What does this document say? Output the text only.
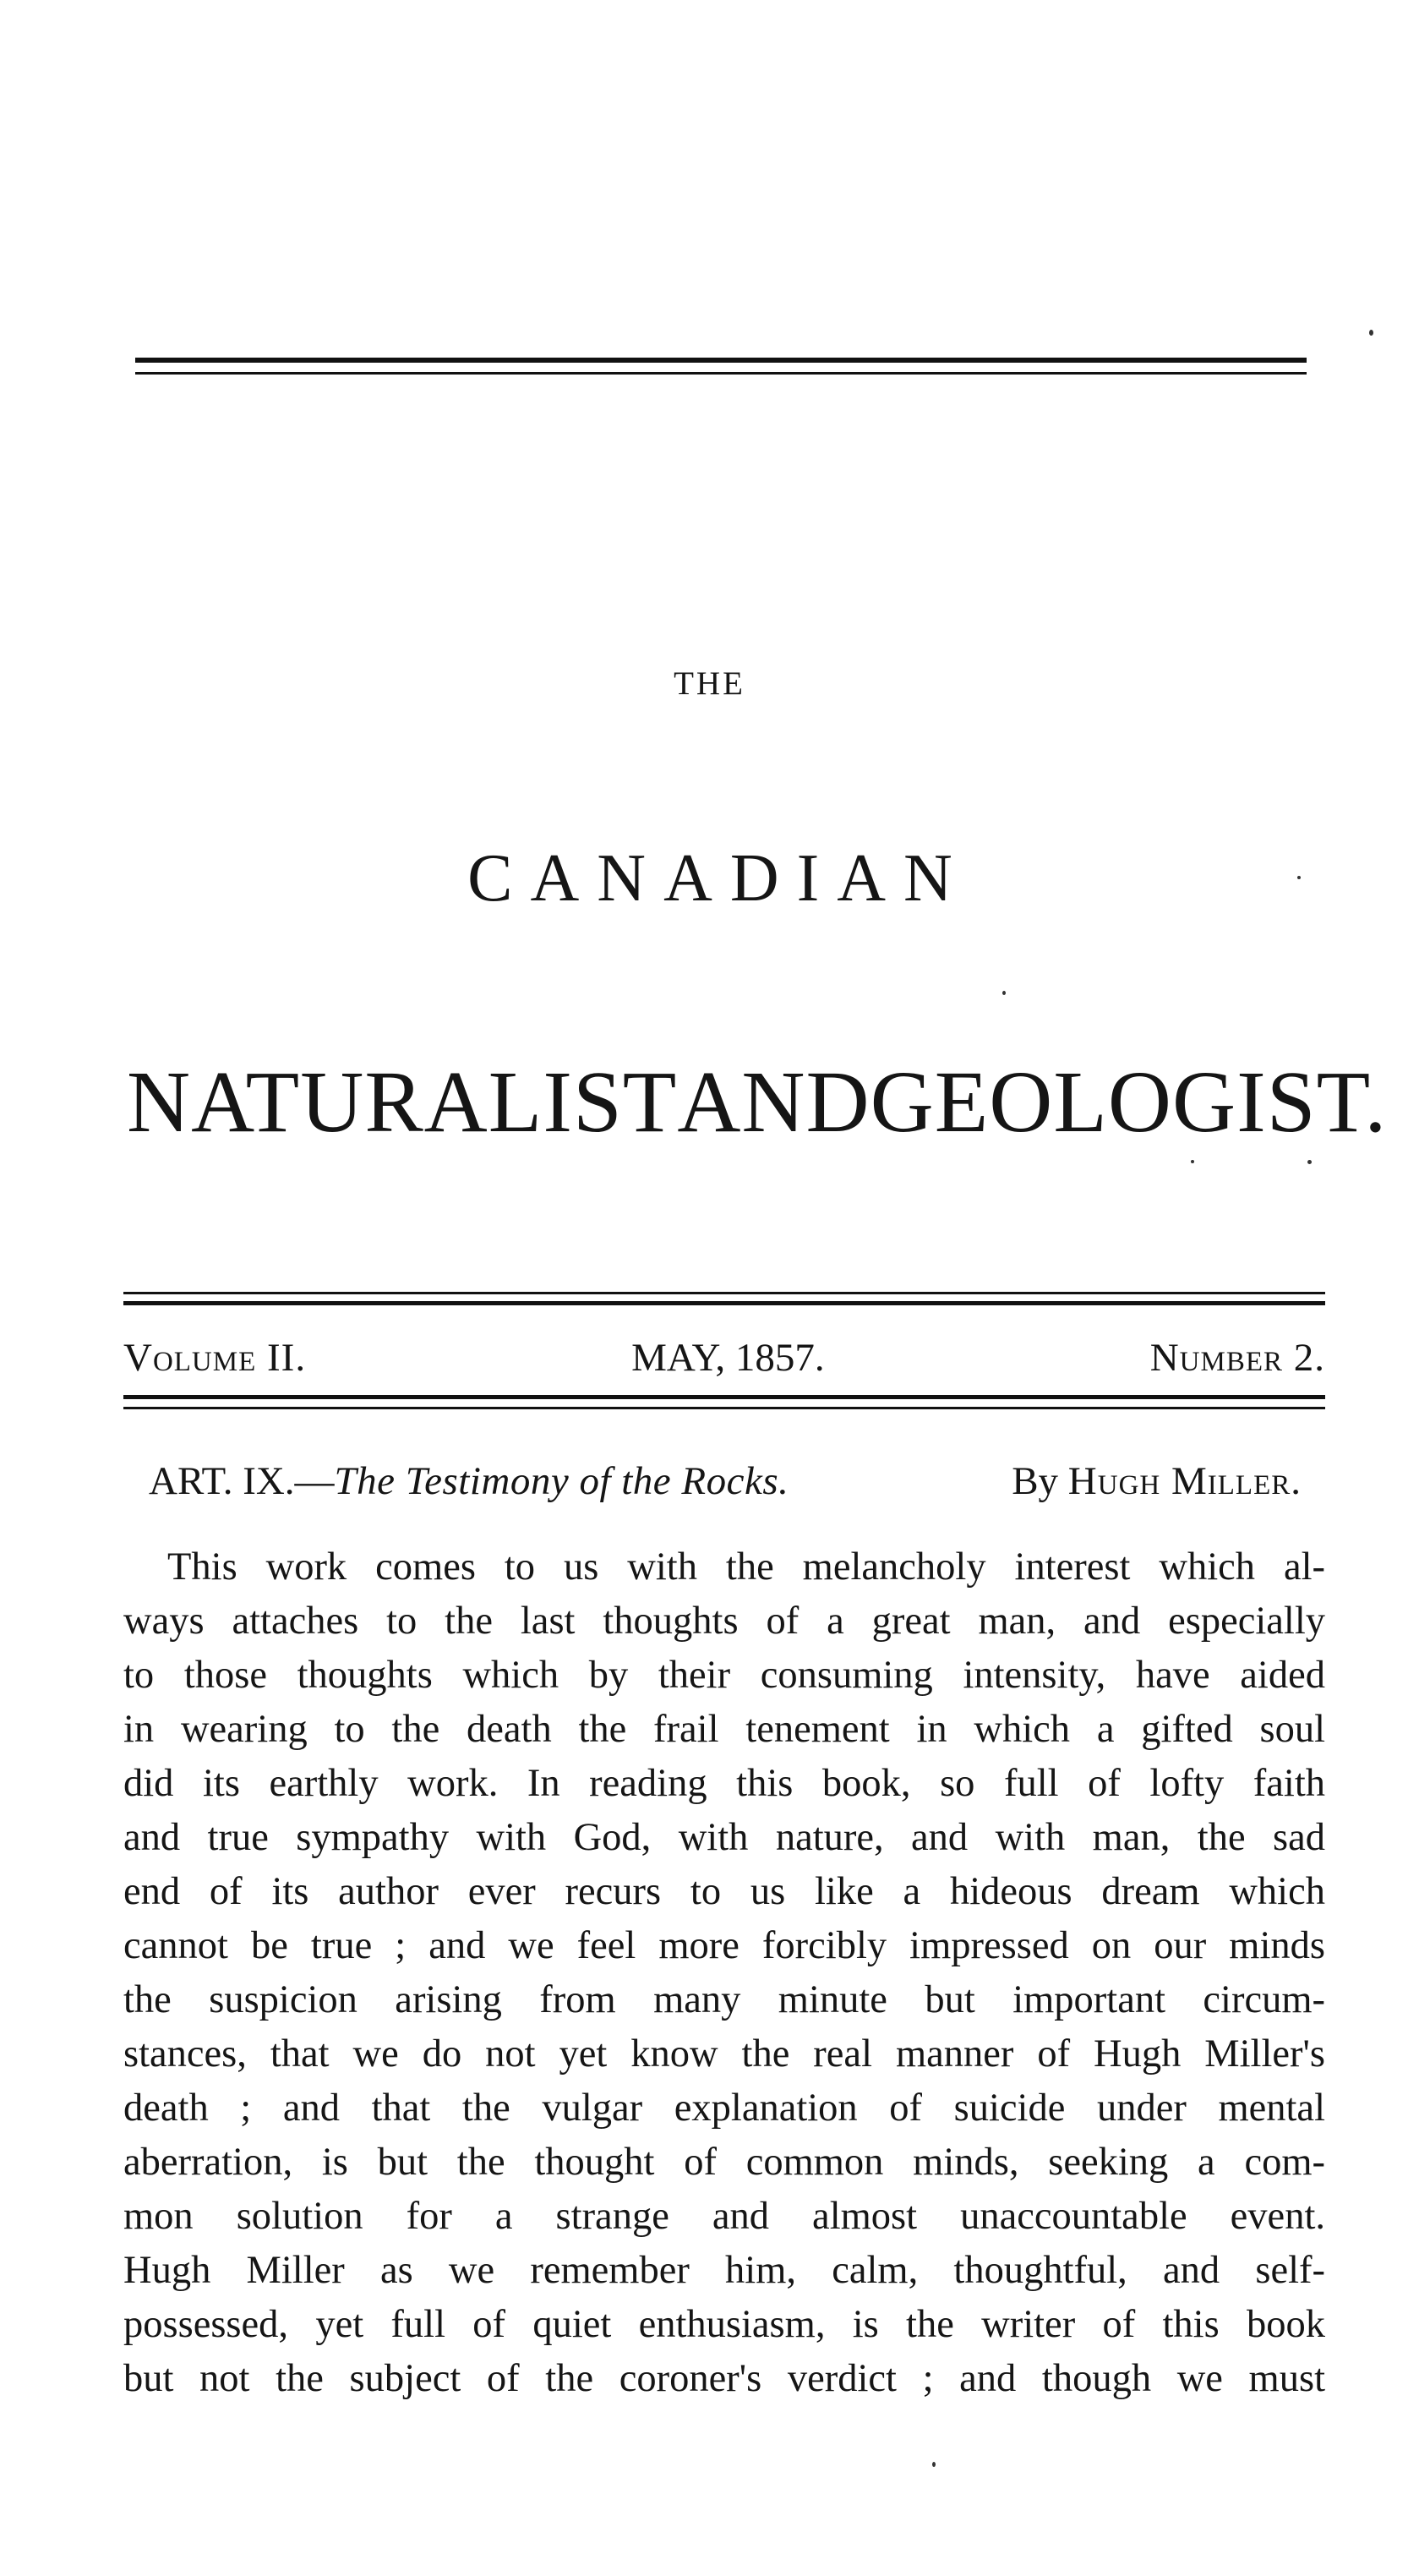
THE
CANADIAN
NATURALIST AND GEOLOGIST.
Volume II.	MAY, 1857.	Number 2.
ART. IX.—The Testimony of the Rocks.	By Hugh Miller.
This work comes to us with the melancholy interest which al-
ways attaches to the last thoughts of a great man, and especially
to those thoughts which by their consuming intensity, have aided
in wearing to the death the frail tenement in which a gifted soul
did its earthly work. In reading this book, so full of lofty faith
and true sympathy with God, with nature, and with man, the sad
end of its author ever recurs to us like a hideous dream which
cannot be true ; and we feel more forcibly impressed on our minds
the suspicion arising from many minute but important circum-
stances, that we do not yet know the real manner of Hugh Miller's
death ; and that the vulgar explanation of suicide under mental
aberration, is but the thought of common minds, seeking a com-
mon solution for a strange and almost unaccountable event.
Hugh Miller as we remember him, calm, thoughtful, and self-
possessed, yet full of quiet enthusiasm, is the writer of this book
but not the subject of the coroner's verdict ; and though we must
